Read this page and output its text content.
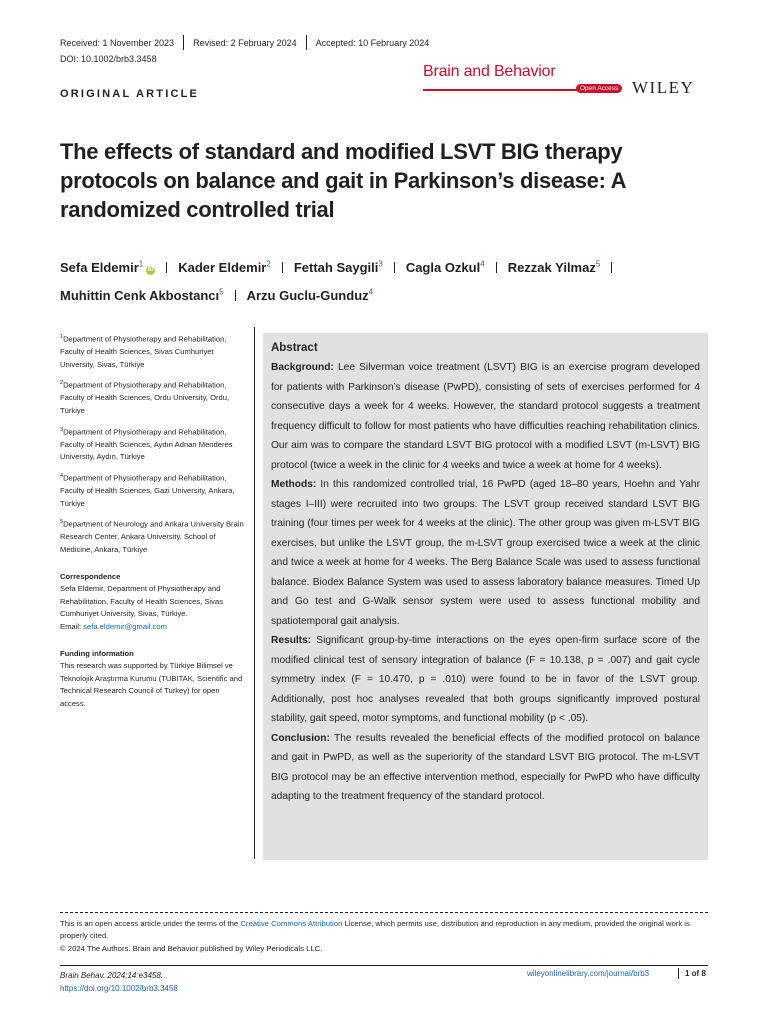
Received: 1 November 2023 Revised: 2 February 2024 Accepted: 10 February 2024
DOI: 10.1002/brb3.3458
Brain and Behavior
Open Access WILEY
ORIGINAL ARTICLE
The effects of standard and modified LSVT BIG therapy protocols on balance and gait in Parkinson’s disease: A randomized controlled trial
Sefa Eldemir$^1$iD Kader Eldemir$^2$ Fettah Saygili$^3$ Cagla Ozkul$^4$ Rezzak Yilmaz$^5$
Muhittin Cenk Akbostancı$^5$ Arzu Guclu-Gunduz$^4$
$^1$Department of Physiotherapy and Rehabilitation, Faculty of Health Sciences, Sivas Cumhuriyet University, Sivas, Türkiye
$^2$Department of Physiotherapy and Rehabilitation, Faculty of Health Sciences, Ordu University, Ordu, Türkiye
$^3$Department of Physiotherapy and Rehabilitation, Faculty of Health Sciences, Aydın Adnan Menderes University, Aydın, Türkiye
$^4$Department of Physiotherapy and Rehabilitation, Faculty of Health Sciences, Gazi University, Ankara, Türkiye
$^5$Department of Neurology and Ankara University Brain Research Center, Ankara University, School of Medicine, Ankara, Türkiye
Correspondence
Sefa Eldemir, Department of Physiotherapy and Rehabilitation, Faculty of Health Sciences, Sivas Cumhuriyet University, Sivas, Türkiye.
Email: sefa.eldemir@gmail.com
Funding information
This research was supported by Türkiye Bilimsel ve Teknolojik Araştırma Kurumu (TUBITAK, Scientific and Technical Research Council of Turkey) for open access.
Abstract
Background: Lee Silverman voice treatment (LSVT) BIG is an exercise program developed for patients with Parkinson’s disease (PwPD), consisting of sets of exercises performed for 4 consecutive days a week for 4 weeks. However, the standard protocol suggests a treatment frequency difficult to follow for most patients who have difficulties reaching rehabilitation clinics. Our aim was to compare the standard LSVT BIG protocol with a modified LSVT (m-LSVT) BIG protocol (twice a week in the clinic for 4 weeks and twice a week at home for 4 weeks).
Methods: In this randomized controlled trial, 16 PwPD (aged 18–80 years, Hoehn and Yahr stages I–III) were recruited into two groups. The LSVT group received standard LSVT BIG training (four times per week for 4 weeks at the clinic). The other group was given m-LSVT BIG exercises, but unlike the LSVT group, the m-LSVT group exercised twice a week at the clinic and twice a week at home for 4 weeks. The Berg Balance Scale was used to assess functional balance. Biodex Balance System was used to assess laboratory balance measures. Timed Up and Go test and G-Walk sensor system were used to assess functional mobility and spatiotemporal gait analysis.
Results: Significant group-by-time interactions on the eyes open-firm surface score of the modified clinical test of sensory integration of balance (F = 10.138, p = .007) and gait cycle symmetry index (F = 10.470, p = .010) were found to be in favor of the LSVT group. Additionally, post hoc analyses revealed that both groups significantly improved postural stability, gait speed, motor symptoms, and functional mobility (p < .05).
Conclusion: The results revealed the beneficial effects of the modified protocol on balance and gait in PwPD, as well as the superiority of the standard LSVT BIG protocol. The m-LSVT BIG protocol may be an effective intervention method, especially for PwPD who have difficulty adapting to the treatment frequency of the standard protocol.
This is an open access article under the terms of the Creative Commons Attribution License, which permits use, distribution and reproduction in any medium, provided the original work is properly cited.
© 2024 The Authors. Brain and Behavior published by Wiley Periodicals LLC.
Brain Behav. 2024;14:e3458.
https://doi.org/10.1002/brb3.3458
wileyonlinelibrary.com/journal/brb3	1 of 8
